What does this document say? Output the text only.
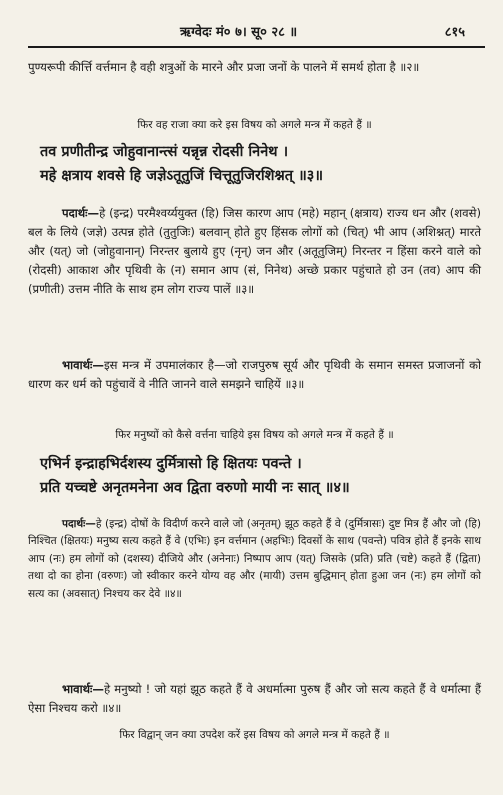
ऋग्वेदः मं० ७। सू० २८ ॥	८१५

पुण्यरूपी कीर्त्ति वर्त्तमान है वही शत्रुओं के मारने और प्रजा जनों के पालने में समर्थ होता है ॥२॥

फिर वह राजा क्या करे इस विषय को अगले मन्त्र में कहते हैं ॥

तव प्रणीतीन्द्र जोहुवानान्त्सं यन्नृन्न रोदसी निनेथ ।

महे क्षत्राय शवसे हि जज्ञेऽतूतुजिं चित्तूतुजिरशिश्नत् ॥३॥

पदार्थः—हे (इन्द्र) परमैश्वर्य्ययुक्त (हि) जिस कारण आप (महे) महान् (क्षत्राय) राज्य धन और (शवसे) बल के लिये (जज्ञे) उत्पन्न होते (तुतुजिः) बलवान् होते हुए हिंसक लोगों को (चित्) भी आप (अशिश्नत्) मारते और (यत्) जो (जोहुवानान्) निरन्तर बुलाये हुए (नृन्) जन और (अतूतुजिम्) निरन्तर न हिंसा करने वाले को (रोदसी) आकाश और पृथिवी के (न) समान आप (सं, निनेथ) अच्छे प्रकार पहुंचाते हो उन (तव) आप की (प्रणीती) उत्तम नीति के साथ हम लोग राज्य पालें ॥३॥

भावार्थः—इस मन्त्र में उपमालंकार है—जो राजपुरुष सूर्य और पृथिवी के समान समस्त प्रजाजनों को धारण कर धर्म को पहुंचावें वे नीति जानने वाले समझने चाहियें ॥३॥

फिर मनुष्यों को कैसे वर्त्तना चाहिये इस विषय को अगले मन्त्र में कहते हैं ॥

एभिर्न इन्द्राहभिर्दशस्य दुर्मित्रासो हि क्षितयः पवन्ते ।

प्रति यच्चष्टे अनृतमनेना अव द्विता वरुणो मायी नः सात् ॥४॥

पदार्थः—हे (इन्द्र) दोषों के विदीर्ण करने वाले जो (अनृतम्) झूठ कहते हैं वे (दुर्मित्रासः) दुष्ट मित्र हैं और जो (हि) निश्चित (क्षितयः) मनुष्य सत्य कहते हैं वे (एभिः) इन वर्त्तमान (अहभिः) दिवसों के साथ (पवन्ते) पवित्र होते हैं इनके साथ आप (नः) हम लोगों को (दशस्य) दीजिये और (अनेनाः) निष्पाप आप (यत्) जिसके (प्रति) प्रति (चष्टे) कहते हैं (द्विता) तथा दो का होना (वरुणः) जो स्वीकार करने योग्य वह और (मायी) उत्तम बुद्धिमान् होता हुआ जन (नः) हम लोगों को सत्य का (अवसात्) निश्चय कर देवे ॥४॥

भावार्थः—हे मनुष्यो ! जो यहां झूठ कहते हैं वे अधर्मात्मा पुरुष हैं और जो सत्य कहते हैं वे धर्मात्मा हैं ऐसा निश्चय करो ॥४॥

फिर विद्वान् जन क्या उपदेश करें इस विषय को अगले मन्त्र में कहते हैं ॥
